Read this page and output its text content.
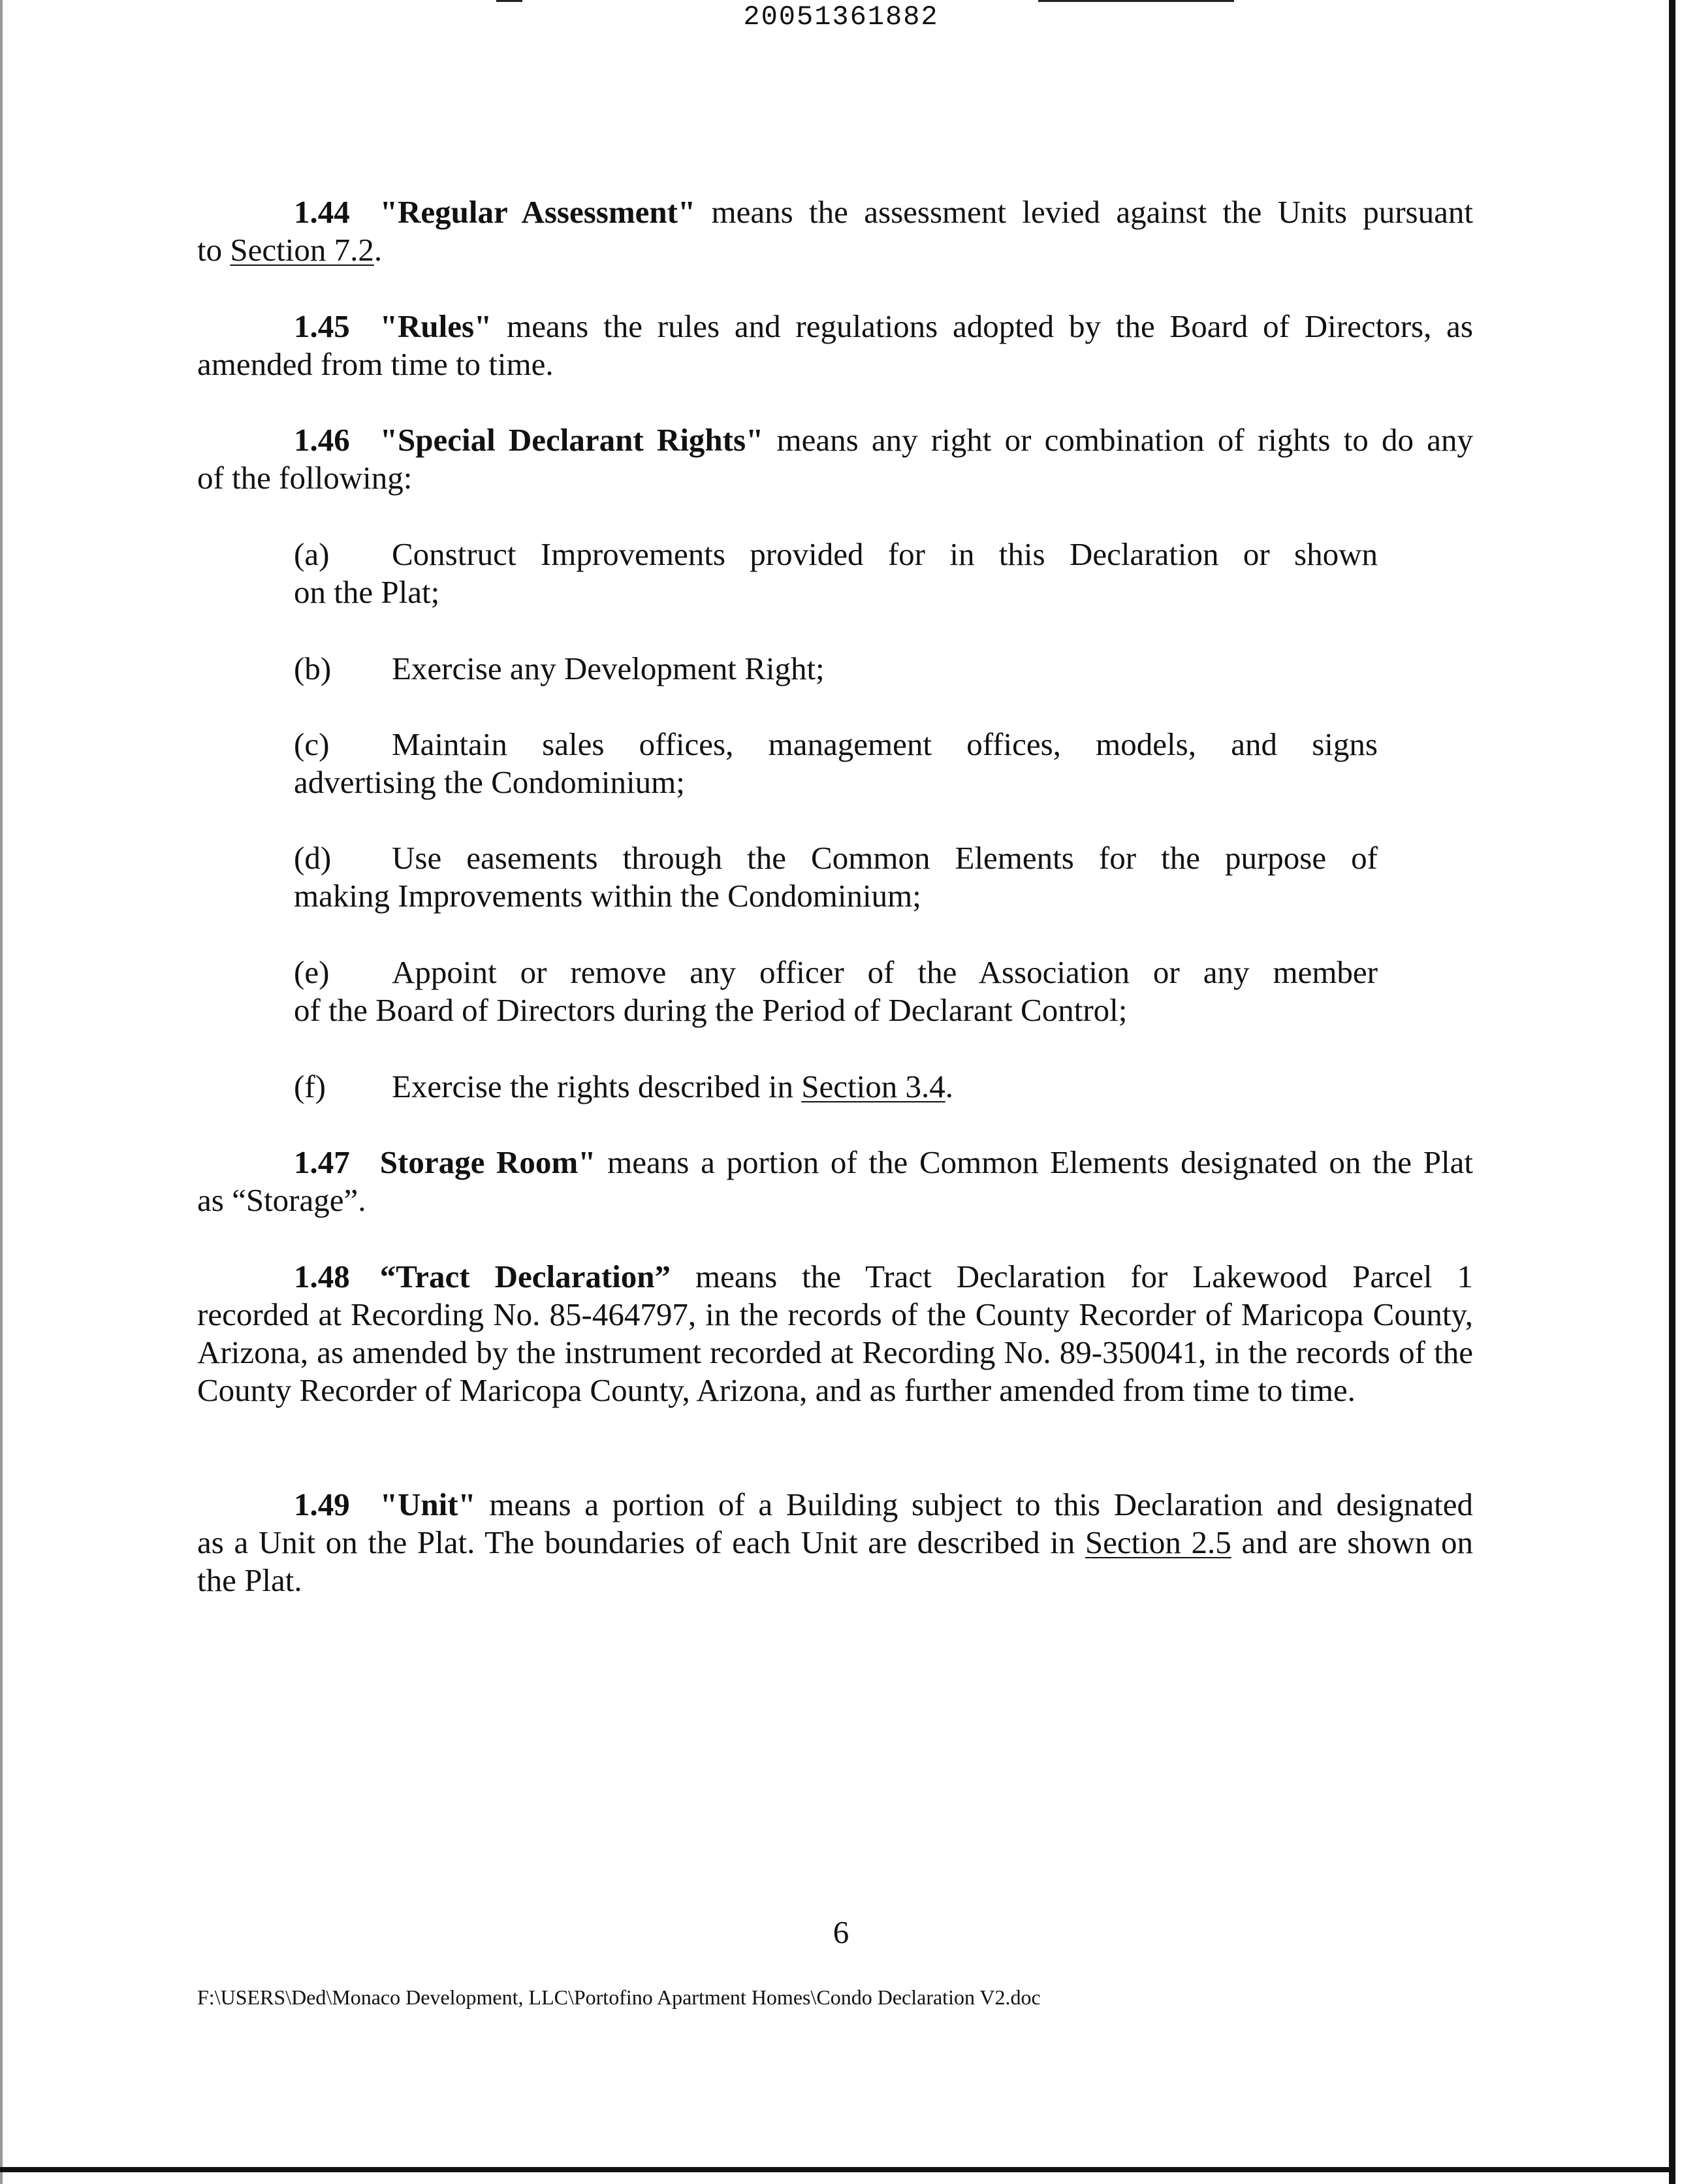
20051361882
1.44 "Regular Assessment" means the assessment levied against the Units pursuant
to Section 7.2.
1.45 "Rules" means the rules and regulations adopted by the Board of Directors, as
amended from time to time.
1.46 "Special Declarant Rights" means any right or combination of rights to do any
of the following:
(a) Construct Improvements provided for in this Declaration or shown
on the Plat;
(b) Exercise any Development Right;
(c) Maintain sales offices, management offices, models, and signs
advertising the Condominium;
(d) Use easements through the Common Elements for the purpose of
making Improvements within the Condominium;
(e) Appoint or remove any officer of the Association or any member
of the Board of Directors during the Period of Declarant Control;
(f) Exercise the rights described in Section 3.4.
1.47 Storage Room" means a portion of the Common Elements designated on the Plat
as “Storage”.
1.48 “Tract Declaration” means the Tract Declaration for Lakewood Parcel 1
recorded at Recording No. 85-464797, in the records of the County Recorder of Maricopa County, Arizona, as amended by the instrument recorded at Recording No. 89-350041, in the records of the County Recorder of Maricopa County, Arizona, and as further amended from time to time.
1.49 "Unit" means a portion of a Building subject to this Declaration and designated
as a Unit on the Plat. The boundaries of each Unit are described in Section 2.5 and are shown on the Plat.
6
F:\USERS\Ded\Monaco Development, LLC\Portofino Apartment Homes\Condo Declaration V2.doc
